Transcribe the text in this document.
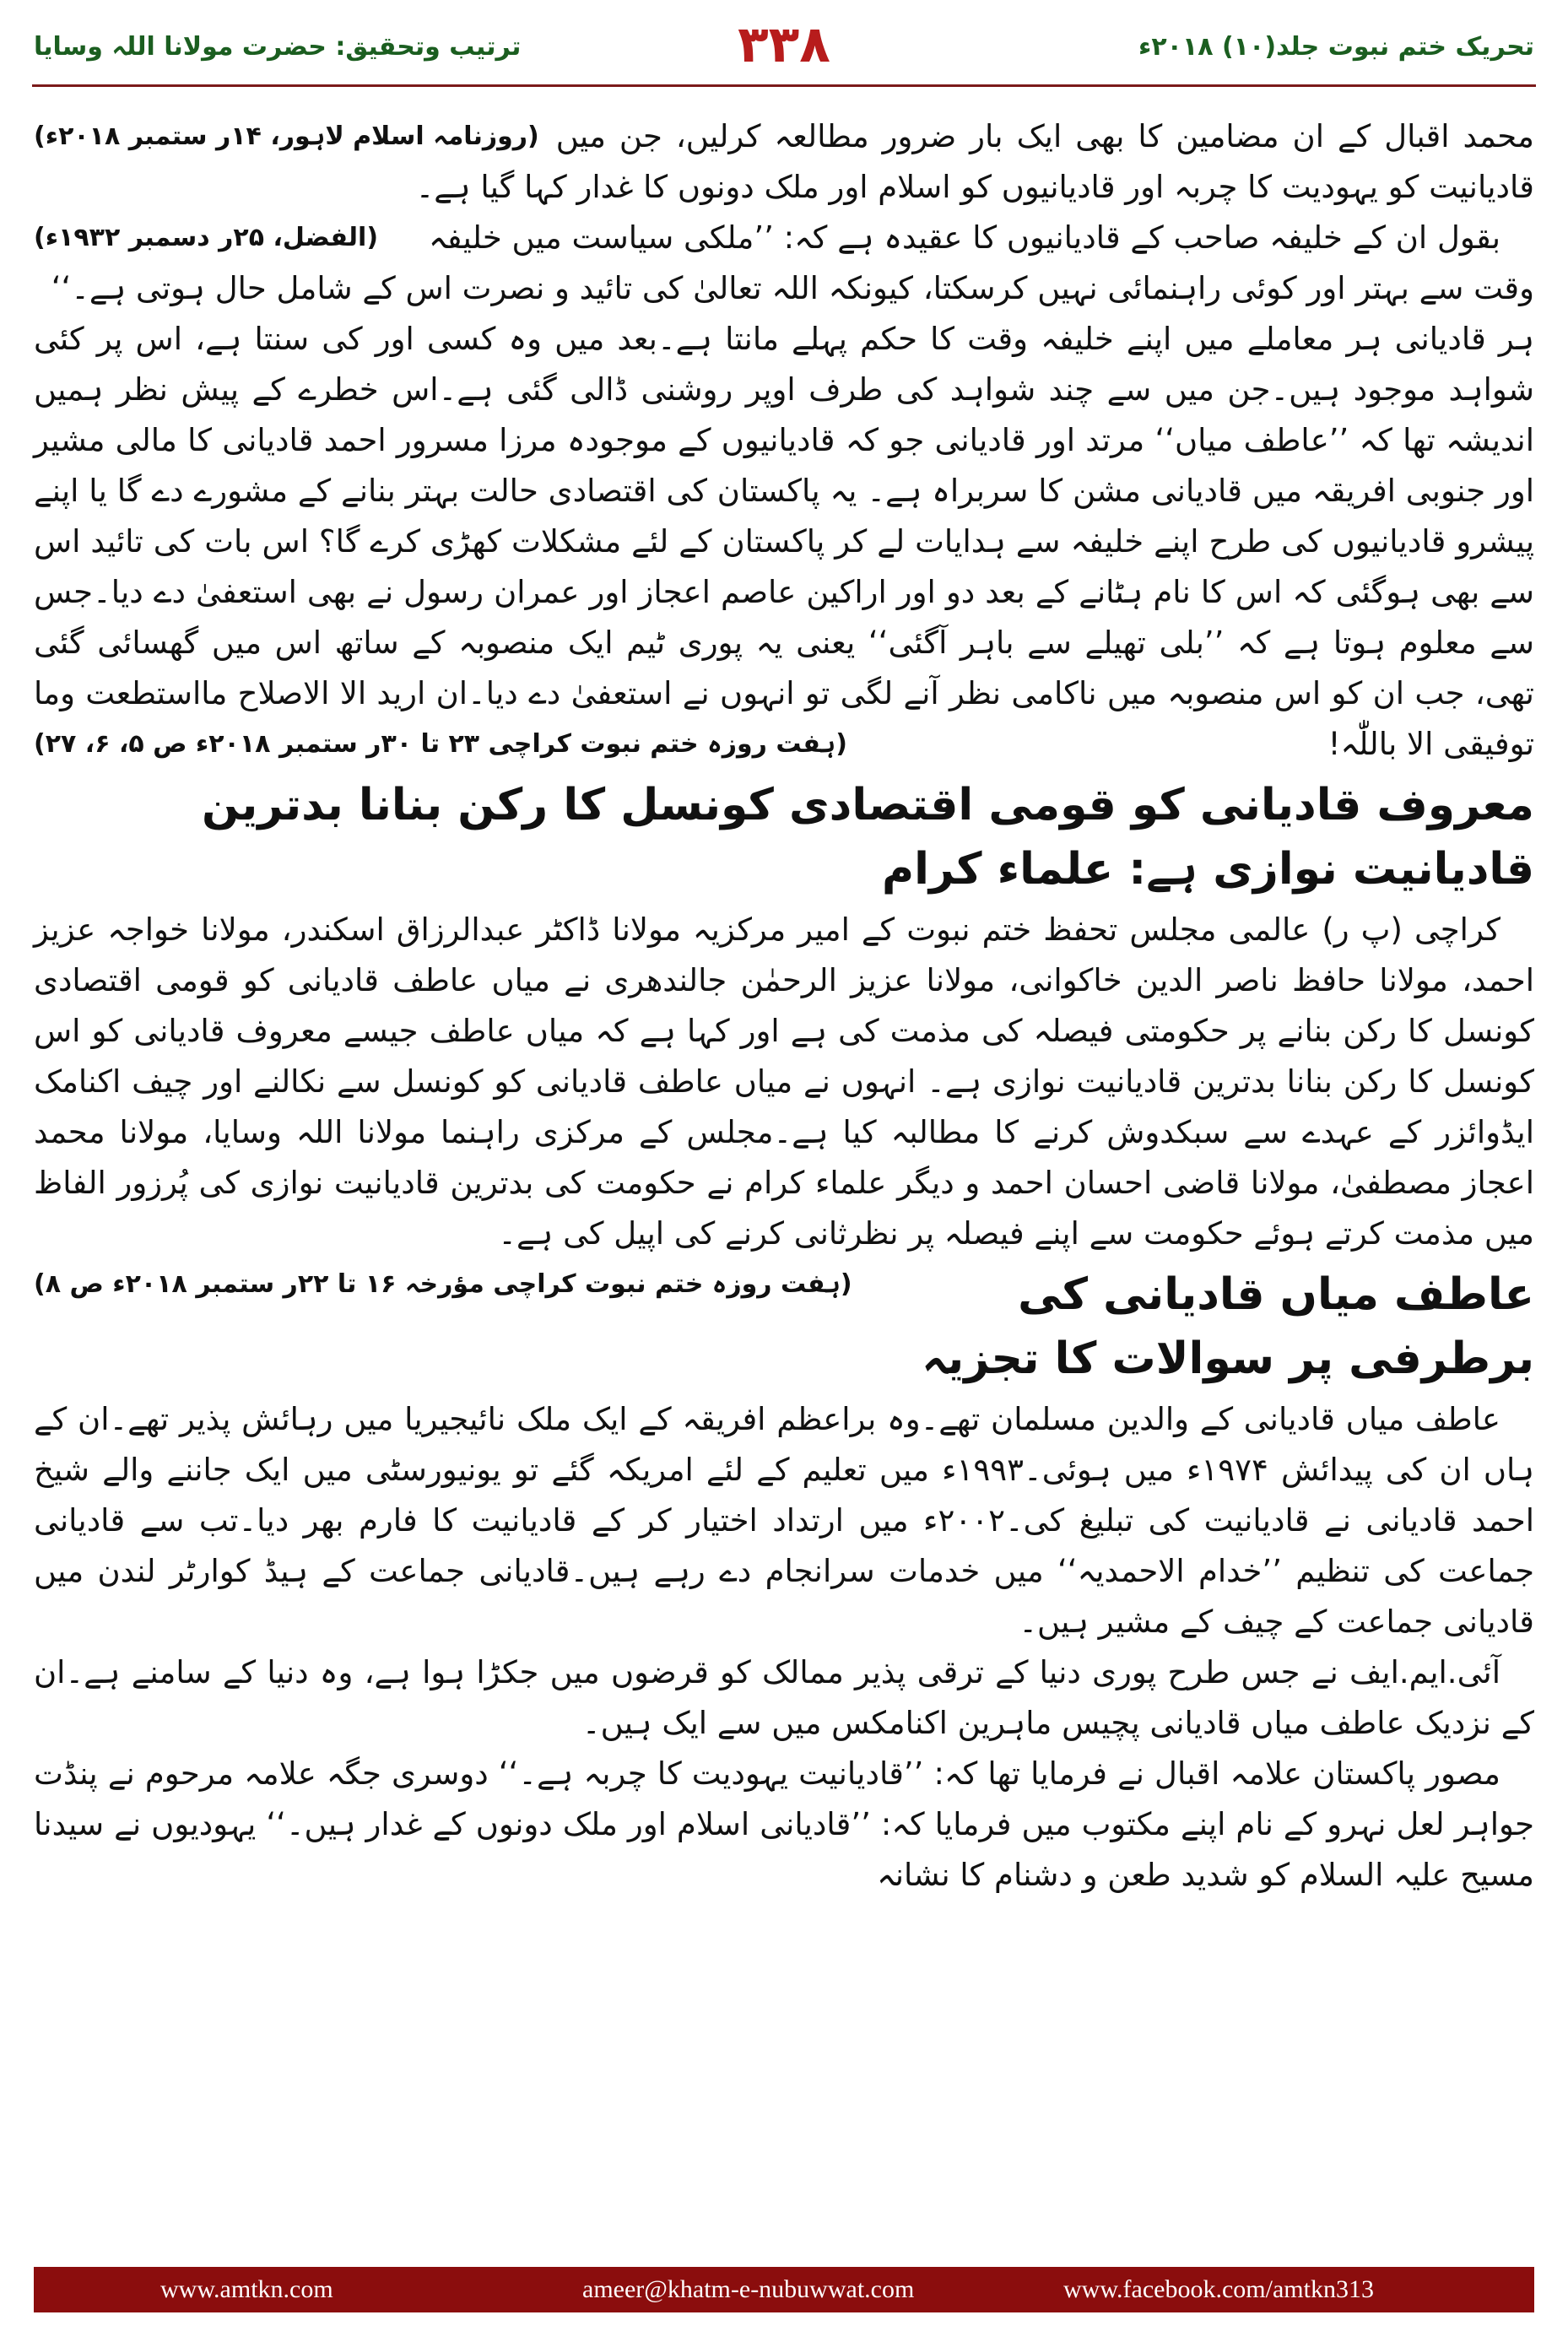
ترتیب وتحقیق: حضرت مولانا اللہ وسایا	۳۳۸	تحریک ختم نبوت جلد(۱۰) ۲۰۱۸ء

(روزنامہ اسلام لاہور، ۱۴ر ستمبر ۲۰۱۸ء) محمد اقبال کے ان مضامین کا بھی ایک بار ضرور مطالعہ کرلیں، جن میں قادیانیت کو یہودیت کا چربہ اور قادیانیوں کو اسلام اور ملک دونوں کا غدار کہا گیا ہے۔

(الفضل، ۲۵ر دسمبر ۱۹۳۲ء)	بقول ان کے خلیفہ صاحب کے قادیانیوں کا عقیدہ ہے کہ: ’’ملکی سیاست میں خلیفہ وقت سے بہتر اور کوئی راہنمائی نہیں کرسکتا، کیونکہ اللہ تعالیٰ کی تائید و نصرت اس کے شامل حال ہوتی ہے۔‘‘

ہر قادیانی ہر معاملے میں اپنے خلیفہ وقت کا حکم پہلے مانتا ہے۔بعد میں وہ کسی اور کی سنتا ہے، اس پر کئی شواہد موجود ہیں۔جن میں سے چند شواہد کی طرف اوپر روشنی ڈالی گئی ہے۔اس خطرے کے پیش نظر ہمیں اندیشہ تھا کہ ’’عاطف میاں‘‘ مرتد اور قادیانی جو کہ قادیانیوں کے موجودہ مرزا مسرور احمد قادیانی کا مالی مشیر اور جنوبی افریقہ میں قادیانی مشن کا سربراہ ہے۔ یہ پاکستان کی اقتصادی حالت بہتر بنانے کے مشورے دے گا یا اپنے پیشرو قادیانیوں کی طرح اپنے خلیفہ سے ہدایات لے کر پاکستان کے لئے مشکلات کھڑی کرے گا؟ اس بات کی تائید اس سے بھی ہوگئی کہ اس کا نام ہٹانے کے بعد دو اور اراکین عاصم اعجاز اور عمران رسول نے بھی استعفیٰ دے دیا۔جس سے معلوم ہوتا ہے کہ ’’بلی تھیلے سے باہر آگئی‘‘ یعنی یہ پوری ٹیم ایک منصوبہ کے ساتھ اس میں گھسائی گئی تھی، جب ان کو اس منصوبہ میں ناکامی نظر آنے لگی تو انہوں نے استعفیٰ دے دیا۔ان ارید الا الاصلاح مااستطعت وما توفیقی الا باللّٰہ!
(ہفت روزہ ختم نبوت کراچی ۲۳ تا ۳۰ر ستمبر ۲۰۱۸ء ص ۵، ۶، ۲۷)

معروف قادیانی کو قومی اقتصادی کونسل کا رکن بنانا بدترین قادیانیت نوازی ہے: علماء کرام

کراچی (پ ر) عالمی مجلس تحفظ ختم نبوت کے امیر مرکزیہ مولانا ڈاکٹر عبدالرزاق اسکندر، مولانا خواجہ عزیز احمد، مولانا حافظ ناصر الدین خاکوانی، مولانا عزیز الرحمٰن جالندھری نے میاں عاطف قادیانی کو قومی اقتصادی کونسل کا رکن بنانے پر حکومتی فیصلہ کی مذمت کی ہے اور کہا ہے کہ میاں عاطف جیسے معروف قادیانی کو اس کونسل کا رکن بنانا بدترین قادیانیت نوازی ہے۔ انہوں نے میاں عاطف قادیانی کو کونسل سے نکالنے اور چیف اکنامک ایڈوائزر کے عہدے سے سبکدوش کرنے کا مطالبہ کیا ہے۔مجلس کے مرکزی راہنما مولانا اللہ وسایا، مولانا محمد اعجاز مصطفیٰ، مولانا قاضی احسان احمد و دیگر علماء کرام نے حکومت کی بدترین قادیانیت نوازی کی پُرزور الفاظ میں مذمت کرتے ہوئے حکومت سے اپنے فیصلہ پر نظرثانی کرنے کی اپیل کی ہے۔
(ہفت روزہ ختم نبوت کراچی مؤرخہ ۱۶ تا ۲۲ر ستمبر ۲۰۱۸ء ص ۸)	عاطف میاں قادیانی کی برطرفی پر سوالات کا تجزیہ

عاطف میاں قادیانی کے والدین مسلمان تھے۔وہ براعظم افریقہ کے ایک ملک نائیجیریا میں رہائش پذیر تھے۔ان کے ہاں ان کی پیدائش ۱۹۷۴ء میں ہوئی۔۱۹۹۳ء میں تعلیم کے لئے امریکہ گئے تو یونیورسٹی میں ایک جاننے والے شیخ احمد قادیانی نے قادیانیت کی تبلیغ کی۔۲۰۰۲ء میں ارتداد اختیار کر کے قادیانیت کا فارم بھر دیا۔تب سے قادیانی جماعت کی تنظیم ’’خدام الاحمدیہ‘‘ میں خدمات سرانجام دے رہے ہیں۔قادیانی جماعت کے ہیڈ کوارٹر لندن میں قادیانی جماعت کے چیف کے مشیر ہیں۔

آئی.ایم.ایف نے جس طرح پوری دنیا کے ترقی پذیر ممالک کو قرضوں میں جکڑا ہوا ہے، وہ دنیا کے سامنے ہے۔ان کے نزدیک عاطف میاں قادیانی پچیس ماہرین اکنامکس میں سے ایک ہیں۔

مصور پاکستان علامہ اقبال نے فرمایا تھا کہ: ’’قادیانیت یہودیت کا چربہ ہے۔‘‘ دوسری جگہ علامہ مرحوم نے پنڈت جواہر لعل نہرو کے نام اپنے مکتوب میں فرمایا کہ: ’’قادیانی اسلام اور ملک دونوں کے غدار ہیں۔‘‘ یہودیوں نے سیدنا مسیح علیہ السلام کو شدید طعن و دشنام کا نشانہ

www.amtkn.com	ameer@khatm-e-nubuwwat.com	www.facebook.com/amtkn313
